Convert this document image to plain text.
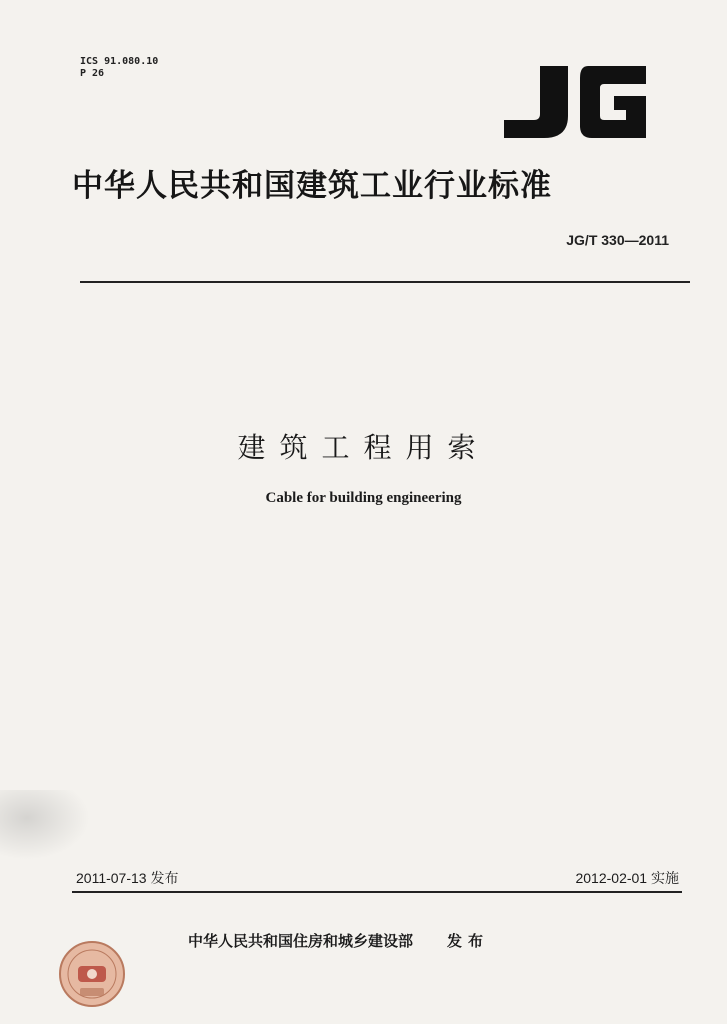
ICS 91.080.10
P 26
中华人民共和国建筑工业行业标准
JG/T 330—2011
建筑工程用索
Cable for building engineering
2011-07-13 发布	2012-02-01 实施
中华人民共和国住房和城乡建设部 发布
